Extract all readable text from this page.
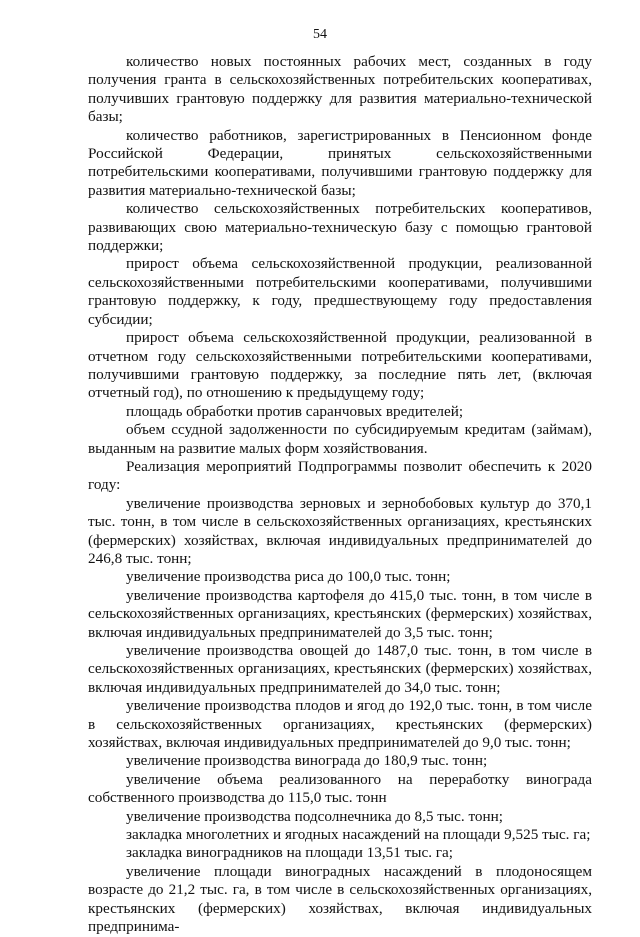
54

количество новых постоянных рабочих мест, созданных в году получения гранта в сельскохозяйственных потребительских кооперативах, получивших грантовую поддержку для развития материально-технической базы;

количество работников, зарегистрированных в Пенсионном фонде Российской Федерации, принятых сельскохозяйственными потребительскими кооперативами, получившими грантовую поддержку для развития материально-технической базы;

количество сельскохозяйственных потребительских кооперативов, развивающих свою материально-техническую базу с помощью грантовой поддержки;

прирост объема сельскохозяйственной продукции, реализованной сельскохозяйственными потребительскими кооперативами, получившими грантовую поддержку, к году, предшествующему году предоставления субсидии;

прирост объема сельскохозяйственной продукции, реализованной в отчетном году сельскохозяйственными потребительскими кооперативами, получившими грантовую поддержку, за последние пять лет, (включая отчетный год), по отношению к предыдущему году;

площадь обработки против саранчовых вредителей;

объем ссудной задолженности по субсидируемым кредитам (займам), выданным на развитие малых форм хозяйствования.

Реализация мероприятий Подпрограммы позволит обеспечить к 2020 году:

увеличение производства зерновых и зернобобовых культур до 370,1 тыс. тонн, в том числе в сельскохозяйственных организациях, крестьянских (фермерских) хозяйствах, включая индивидуальных предпринимателей до 246,8 тыс. тонн;

увеличение производства риса до 100,0 тыс. тонн;

увеличение производства картофеля до 415,0 тыс. тонн, в том числе в сельскохозяйственных организациях, крестьянских (фермерских) хозяйствах, включая индивидуальных предпринимателей до 3,5 тыс. тонн;

увеличение производства овощей до 1487,0 тыс. тонн, в том числе в сельскохозяйственных организациях, крестьянских (фермерских) хозяйствах, включая индивидуальных предпринимателей до 34,0 тыс. тонн;

увеличение производства плодов и ягод до 192,0 тыс. тонн, в том числе в сельскохозяйственных организациях, крестьянских (фермерских) хозяйствах, включая индивидуальных предпринимателей до 9,0 тыс. тонн;

увеличение производства винограда до 180,9 тыс. тонн;

увеличение объема реализованного на переработку винограда собственного производства до 115,0 тыс. тонн

увеличение производства подсолнечника до 8,5 тыс. тонн;

закладка многолетних и ягодных насаждений на площади 9,525 тыс. га;

закладка виноградников на площади 13,51 тыс. га;

увеличение площади виноградных насаждений в плодоносящем возрасте до 21,2 тыс. га, в том числе в сельскохозяйственных организациях, крестьянских (фермерских) хозяйствах, включая индивидуальных предпринима-
